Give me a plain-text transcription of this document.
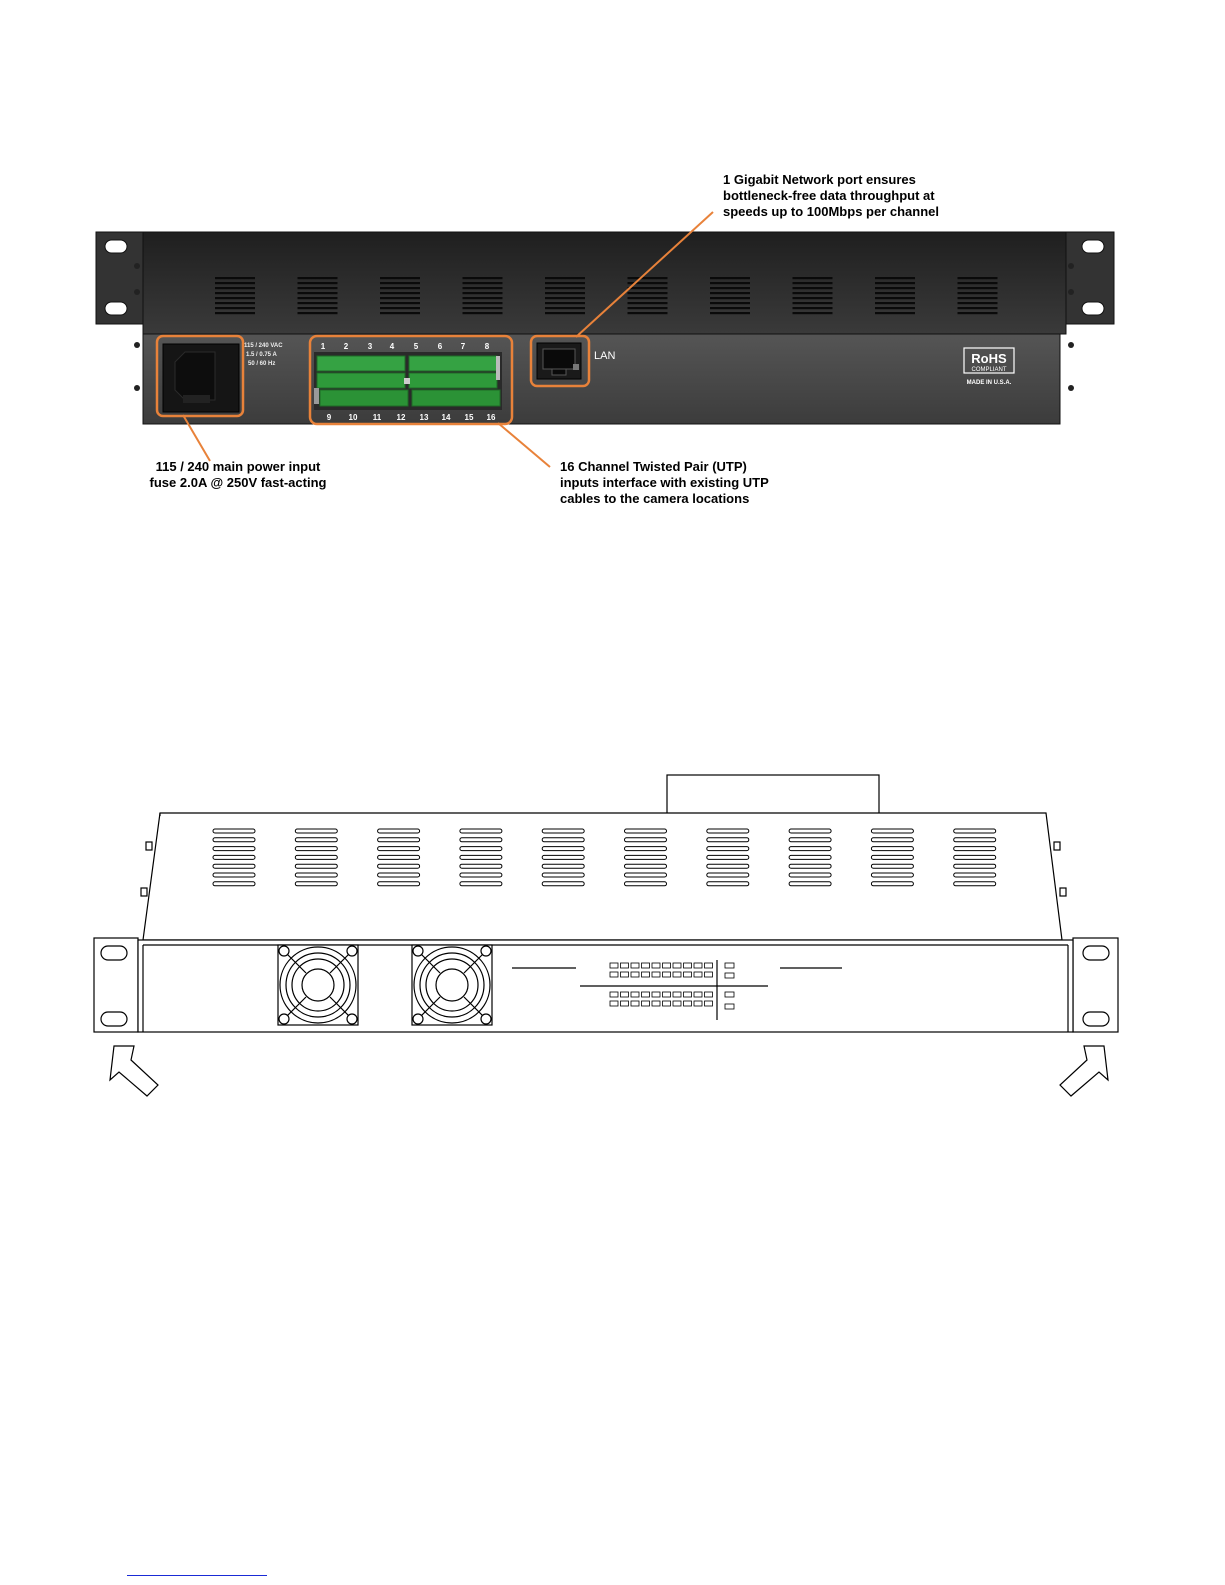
115 / 240 VAC
1.5 / 0.75 A
50 / 60 Hz
1 2 3 4 5 6 7 8
9 10 11 12 13 14 15 16
LAN	RoHS
COMPLIANT
MADE IN U.S.A.
1 Gigabit Network port ensures
bottleneck-free data throughput at
speeds up to 100Mbps per channel
115 / 240 main power input
fuse 2.0A @ 250V fast-acting
16 Channel Twisted Pair (UTP)
inputs interface with existing UTP
cables to the camera locations
